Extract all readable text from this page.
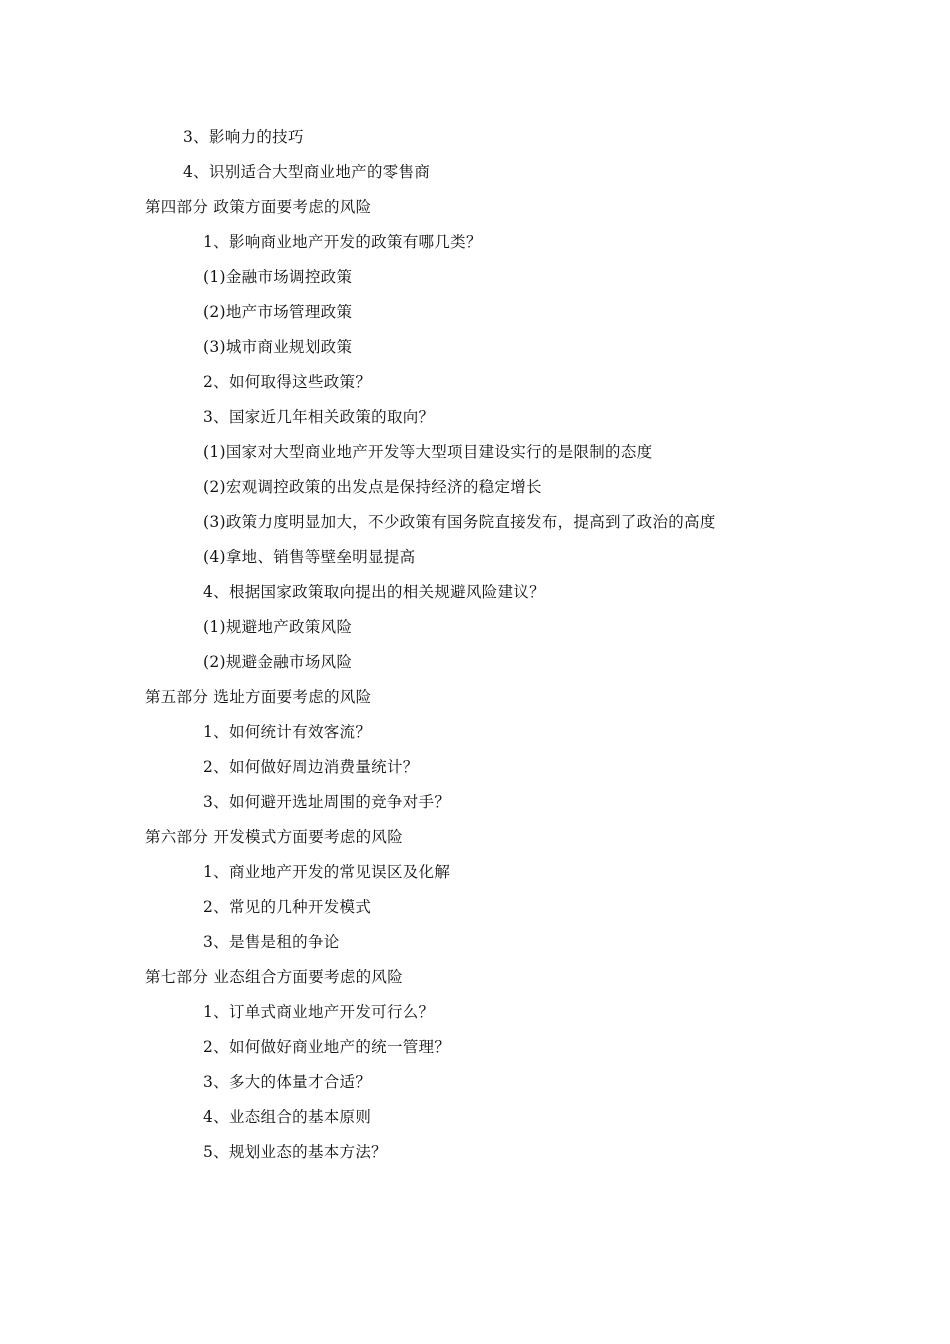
3、影响力的技巧
4、识别适合大型商业地产的零售商
第四部分 政策方面要考虑的风险
1、影响商业地产开发的政策有哪几类？
(1)金融市场调控政策
(2)地产市场管理政策
(3)城市商业规划政策
2、如何取得这些政策？
3、国家近几年相关政策的取向？
(1)国家对大型商业地产开发等大型项目建设实行的是限制的态度
(2)宏观调控政策的出发点是保持经济的稳定增长
(3)政策力度明显加大，不少政策有国务院直接发布，提高到了政治的高度
(4)拿地、销售等壁垒明显提高
4、根据国家政策取向提出的相关规避风险建议？
(1)规避地产政策风险
(2)规避金融市场风险
第五部分 选址方面要考虑的风险
1、如何统计有效客流？
2、如何做好周边消费量统计？
3、如何避开选址周围的竞争对手？
第六部分 开发模式方面要考虑的风险
1、商业地产开发的常见误区及化解
2、常见的几种开发模式
3、是售是租的争论
第七部分 业态组合方面要考虑的风险
1、订单式商业地产开发可行么？
2、如何做好商业地产的统一管理？
3、多大的体量才合适？
4、业态组合的基本原则
5、规划业态的基本方法？
